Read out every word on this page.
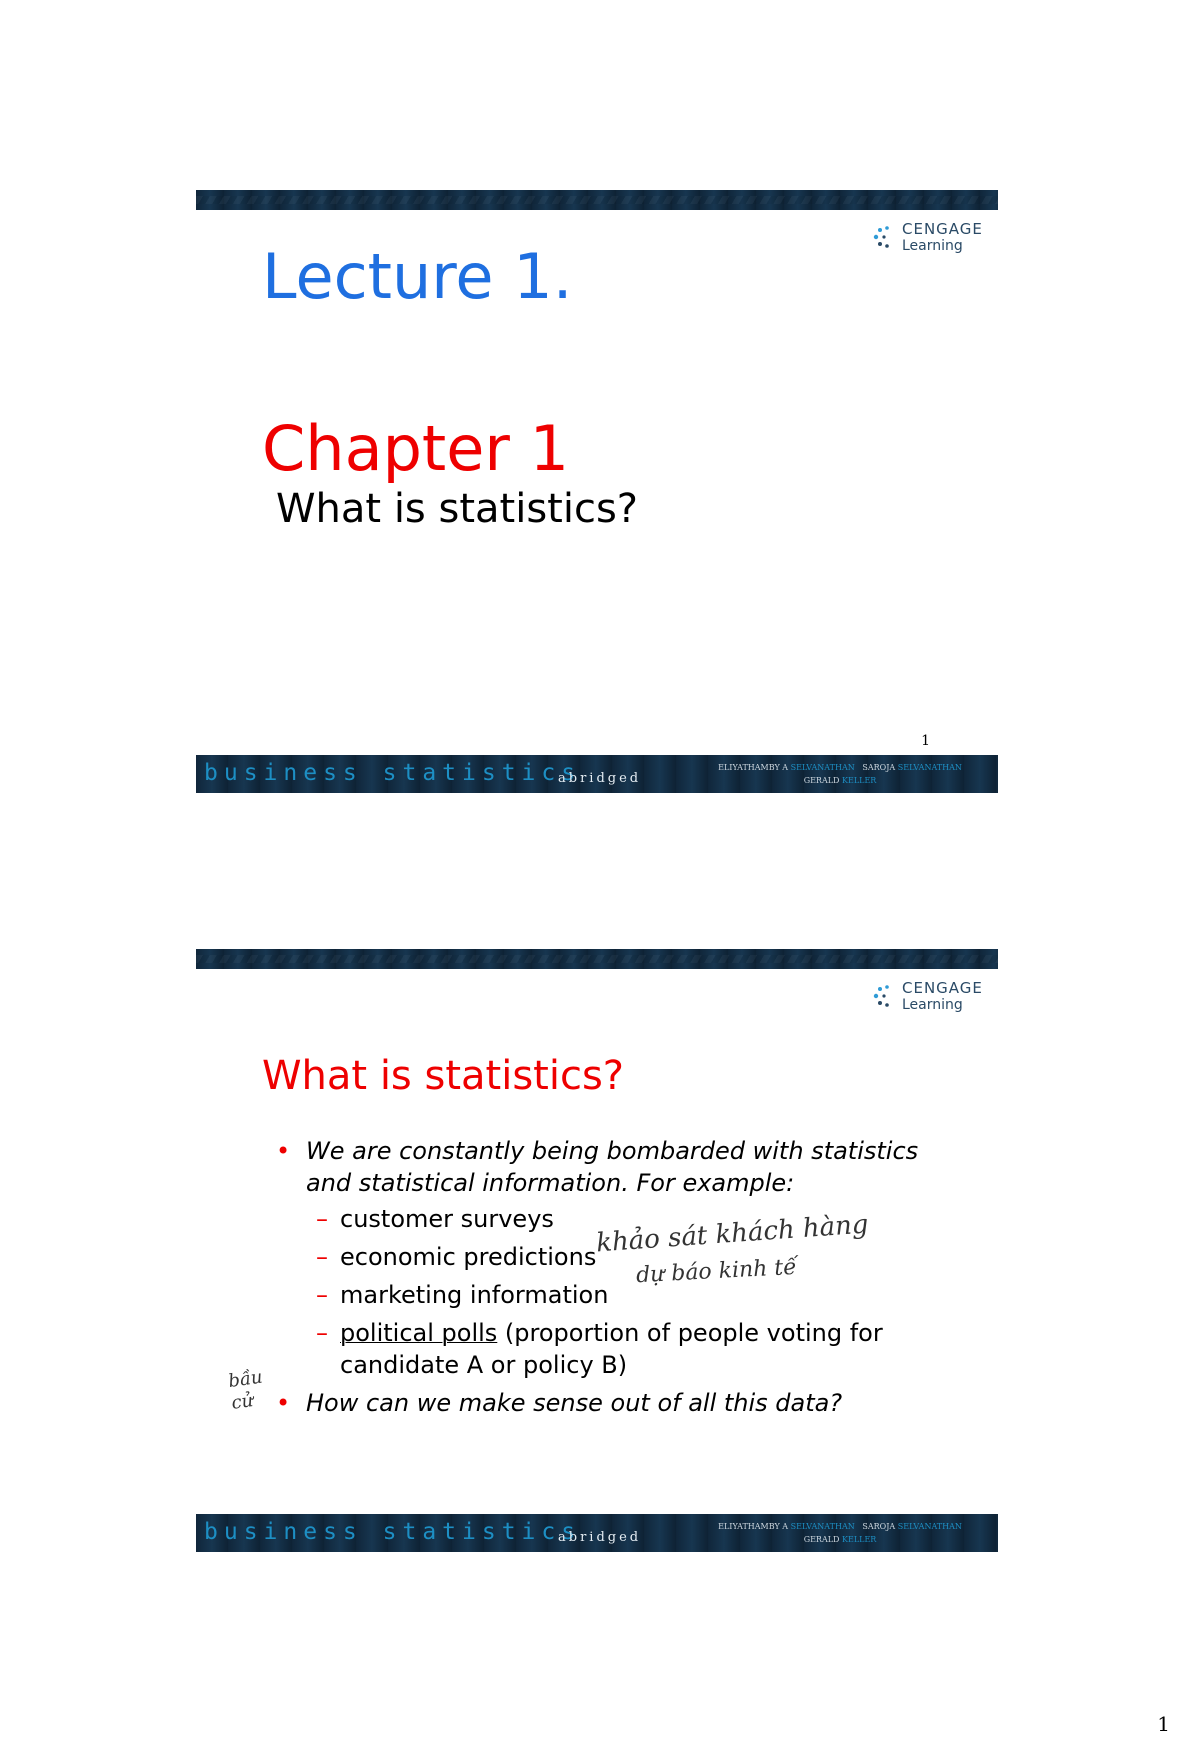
CENGAGE
Learning
Lecture 1.
Chapter 1
What is statistics?
1
business statistics
abridged
ELIYATHAMBY A SELVANATHAN SAROJA SELVANATHAN
GERALD KELLER
CENGAGE
Learning
What is statistics?
• We are constantly being bombarded with statistics and statistical information. For example:
– customer surveys
– economic predictions
– marketing information
– political polls (proportion of people voting for candidate A or policy B)
• How can we make sense out of all this data?
khảo sát khách hàng
dự báo kinh tế
bầu cử
business statistics
abridged
ELIYATHAMBY A SELVANATHAN SAROJA SELVANATHAN
GERALD KELLER
1
